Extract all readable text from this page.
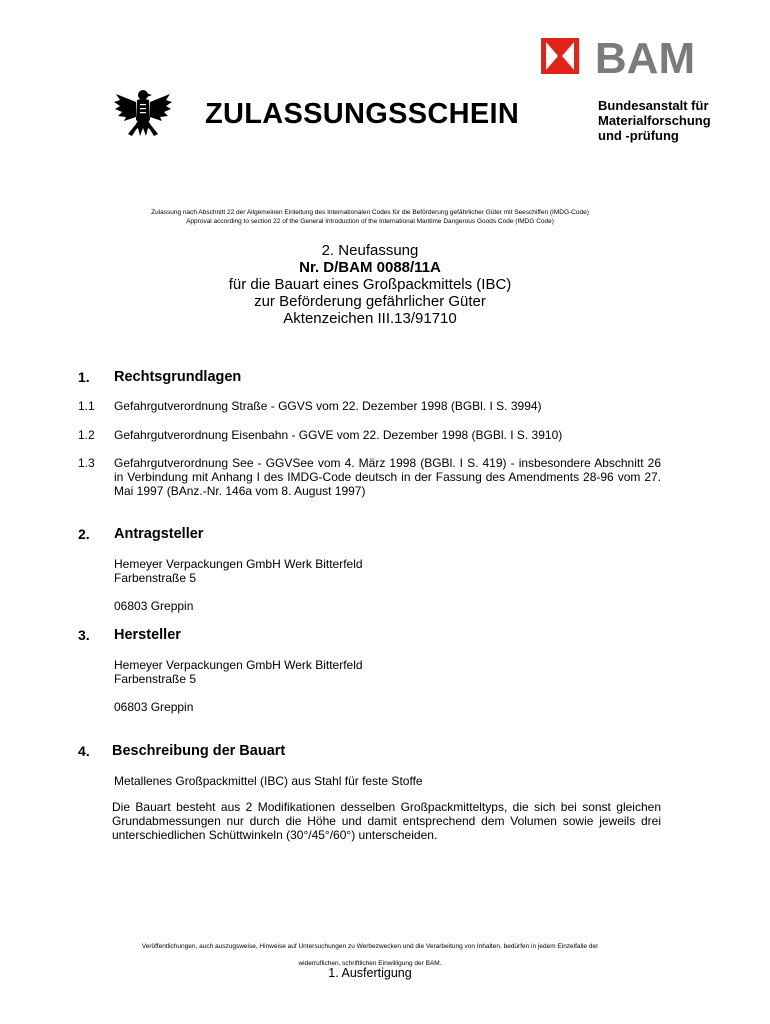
ZULASSUNGSSCHEIN	Bundesanstalt für
Materialforschung
und -prüfung
BAM
Zulassung nach Abschnitt 22 der Allgemeinen Einleitung des Internationalen Codes für die Beförderung gefährlicher Güter mit Seeschiffen (IMDG-Code)
Approval according to section 22 of the General Introduction of the International Maritime Dangerous Goods Code (IMDG Code)
2. Neufassung
Nr. D/BAM 0088/11A
für die Bauart eines Großpackmittels (IBC)
zur Beförderung gefährlicher Güter
Aktenzeichen III.13/91710
1. Rechtsgrundlagen
1.1 Gefahrgutverordnung Straße - GGVS vom 22. Dezember 1998 (BGBl. I S. 3994)
1.2 Gefahrgutverordnung Eisenbahn - GGVE vom 22. Dezember 1998 (BGBl. I S. 3910)
1.3 Gefahrgutverordnung See - GGVSee vom 4. März 1998 (BGBl. I S. 419) - insbesondere Abschnitt 26 in Verbindung mit Anhang I des IMDG-Code deutsch in der Fassung des Amendments 28-96 vom 27. Mai 1997 (BAnz.-Nr. 146a vom 8. August 1997)
2. Antragsteller
Hemeyer Verpackungen GmbH Werk Bitterfeld
Farbenstraße 5
06803 Greppin
3. Hersteller
Hemeyer Verpackungen GmbH Werk Bitterfeld
Farbenstraße 5
06803 Greppin
4. Beschreibung der Bauart
Metallenes Großpackmittel (IBC) aus Stahl für feste Stoffe
Die Bauart besteht aus 2 Modifikationen desselben Großpackmitteltyps, die sich bei sonst gleichen Grundabmessungen nur durch die Höhe und damit entsprechend dem Volumen sowie jeweils drei unterschiedlichen Schüttwinkeln (30°/45°/60°) unterscheiden.
Veröffentlichungen, auch auszugsweise, Hinweise auf Untersuchungen zu Werbezwecken und die Verarbeitung von Inhalten, bedürfen in jedem Einzelfalle der
widerruflichen, schriftlichen Einwilligung der BAM.
1. Ausfertigung
